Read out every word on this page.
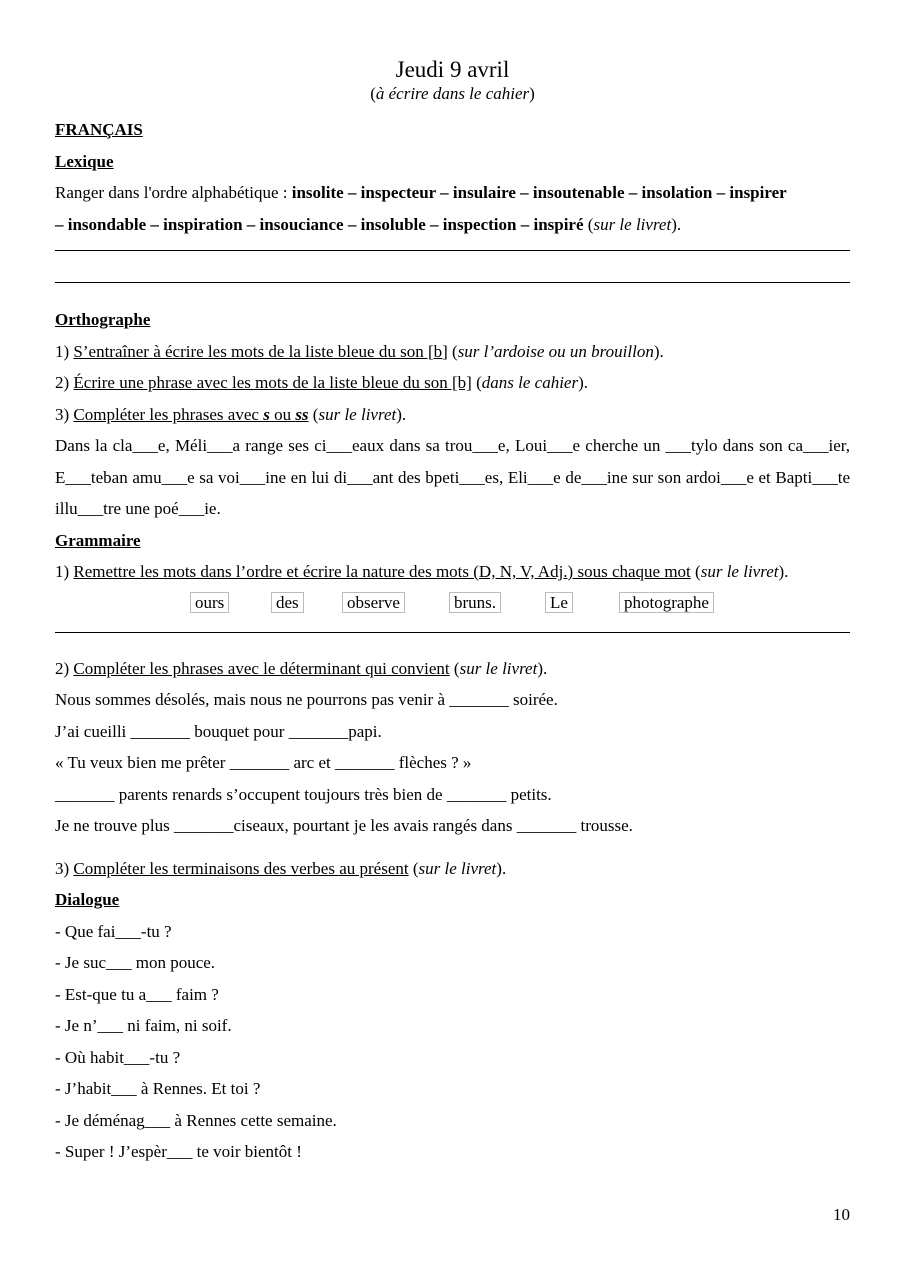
Jeudi 9 avril
(à écrire dans le cahier)
FRANÇAIS
Lexique
Ranger dans l'ordre alphabétique : insolite – inspecteur – insulaire – insoutenable – insolation – inspirer
– insondable – inspiration – insouciance – insoluble – inspection – inspiré (sur le livret).
Orthographe
1) S’entraîner à écrire les mots de la liste bleue du son [b] (sur l’ardoise ou un brouillon).
2) Écrire une phrase avec les mots de la liste bleue du son [b] (dans le cahier).
3) Compléter les phrases avec s ou ss (sur le livret).
Dans la cla___e, Méli___a range ses ci___eaux dans sa trou___e, Loui___e cherche un ___tylo dans son ca___ier, E___teban amu___e sa voi___ine en lui di___ant des bpeti___es, Eli___e de___ine sur son ardoi___e et Bapti___te illu___tre une poé___ie.
Grammaire
1) Remettre les mots dans l’ordre et écrire la nature des mots (D, N, V, Adj.) sous chaque mot (sur le livret).
ours	des	observe	bruns.	Le	photographe
2) Compléter les phrases avec le déterminant qui convient (sur le livret).
Nous sommes désolés, mais nous ne pourrons pas venir à _______ soirée.
J’ai cueilli _______ bouquet pour _______papi.
« Tu veux bien me prêter _______ arc et _______ flèches ? »
_______ parents renards s’occupent toujours très bien de _______ petits.
Je ne trouve plus _______ciseaux, pourtant je les avais rangés dans _______ trousse.
3) Compléter les terminaisons des verbes au présent (sur le livret).
Dialogue
- Que fai___-tu ?
- Je suc___ mon pouce.
- Est-que tu a___ faim ?
- Je n’___ ni faim, ni soif.
- Où habit___-tu ?
- J’habit___ à Rennes. Et toi ?
- Je déménag___ à Rennes cette semaine.
- Super ! J’espèr___ te voir bientôt !
10
